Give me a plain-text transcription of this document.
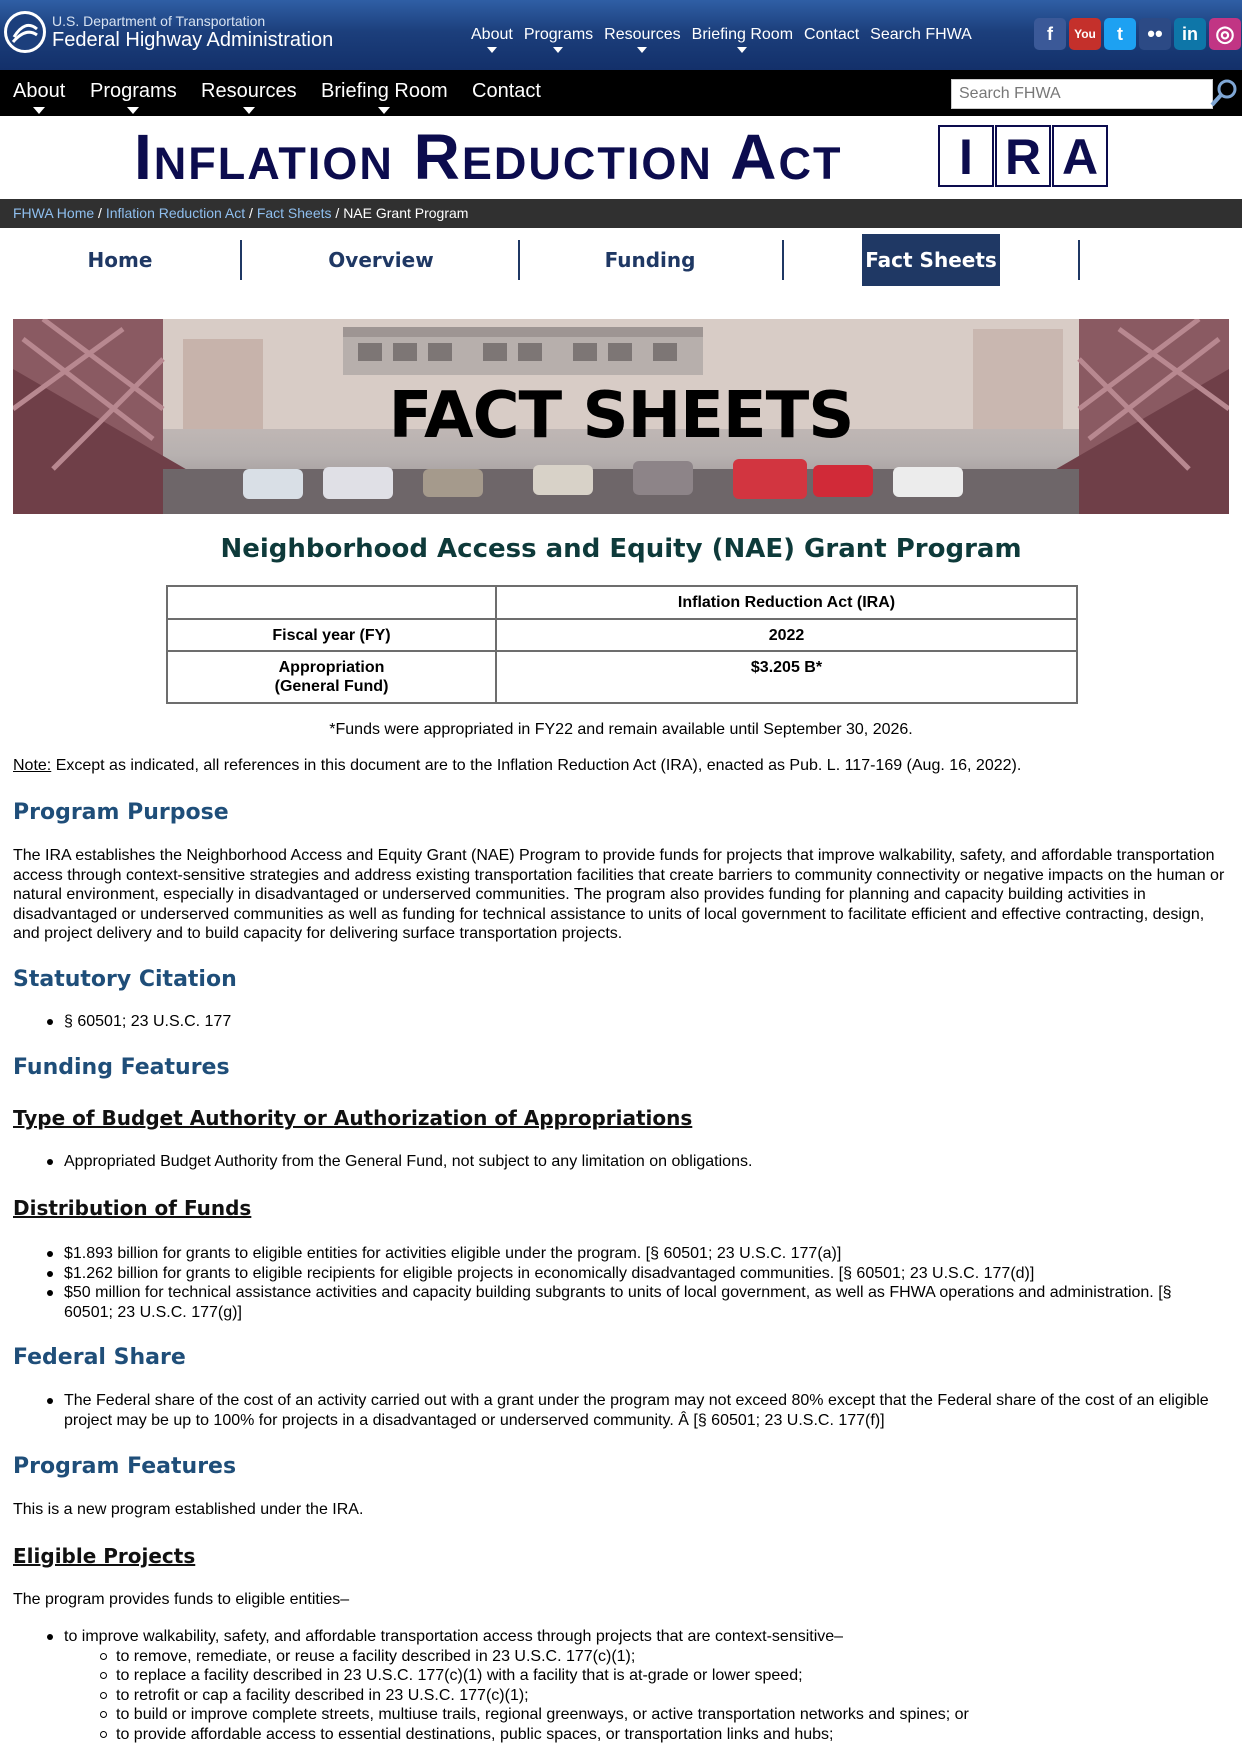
U.S. Department of Transportation
Federal Highway Administration	About Programs Resources Briefing Room Contact Search FHWA	f	You	t	••	in ◎
About Programs Resources Briefing Room Contact
Search FHWA
Inflation Reduction Act	I R A
FHWA Home / Inflation Reduction Act / Fact Sheets / NAE Grant Program
Home	Overview	Funding	Fact Sheets
FACT SHEETS
Neighborhood Access and Equity (NAE) Grant Program
	Inflation Reduction Act (IRA)
Fiscal year (FY)	2022
Appropriation
(General Fund)	$3.205 B*
*Funds were appropriated in FY22 and remain available until September 30, 2026.
Note: Except as indicated, all references in this document are to the Inflation Reduction Act (IRA), enacted as Pub. L. 117-169 (Aug. 16, 2022).
Program Purpose
The IRA establishes the Neighborhood Access and Equity Grant (NAE) Program to provide funds for projects that improve walkability, safety, and affordable transportation access through context-sensitive strategies and address existing transportation facilities that create barriers to community connectivity or negative impacts on the human or natural environment, especially in disadvantaged or underserved communities. The program also provides funding for planning and capacity building activities in disadvantaged or underserved communities as well as funding for technical assistance to units of local government to facilitate efficient and effective contracting, design, and project delivery and to build capacity for delivering surface transportation projects.
Statutory Citation
§ 60501; 23 U.S.C. 177
Funding Features
Type of Budget Authority or Authorization of Appropriations
Appropriated Budget Authority from the General Fund, not subject to any limitation on obligations.
Distribution of Funds
$1.893 billion for grants to eligible entities for activities eligible under the program. [§ 60501; 23 U.S.C. 177(a)]
$1.262 billion for grants to eligible recipients for eligible projects in economically disadvantaged communities. [§ 60501; 23 U.S.C. 177(d)]
$50 million for technical assistance activities and capacity building subgrants to units of local government, as well as FHWA operations and administration. [§ 60501; 23 U.S.C. 177(g)]
Federal Share
The Federal share of the cost of an activity carried out with a grant under the program may not exceed 80% except that the Federal share of the cost of an eligible project may be up to 100% for projects in a disadvantaged or underserved community. Â [§ 60501; 23 U.S.C. 177(f)]
Program Features
This is a new program established under the IRA.
Eligible Projects
The program provides funds to eligible entities–
to improve walkability, safety, and affordable transportation access through projects that are context-sensitive–
to remove, remediate, or reuse a facility described in 23 U.S.C. 177(c)(1);
to replace a facility described in 23 U.S.C. 177(c)(1) with a facility that is at-grade or lower speed;
to retrofit or cap a facility described in 23 U.S.C. 177(c)(1);
to build or improve complete streets, multiuse trails, regional greenways, or active transportation networks and spines; or
to provide affordable access to essential destinations, public spaces, or transportation links and hubs;
